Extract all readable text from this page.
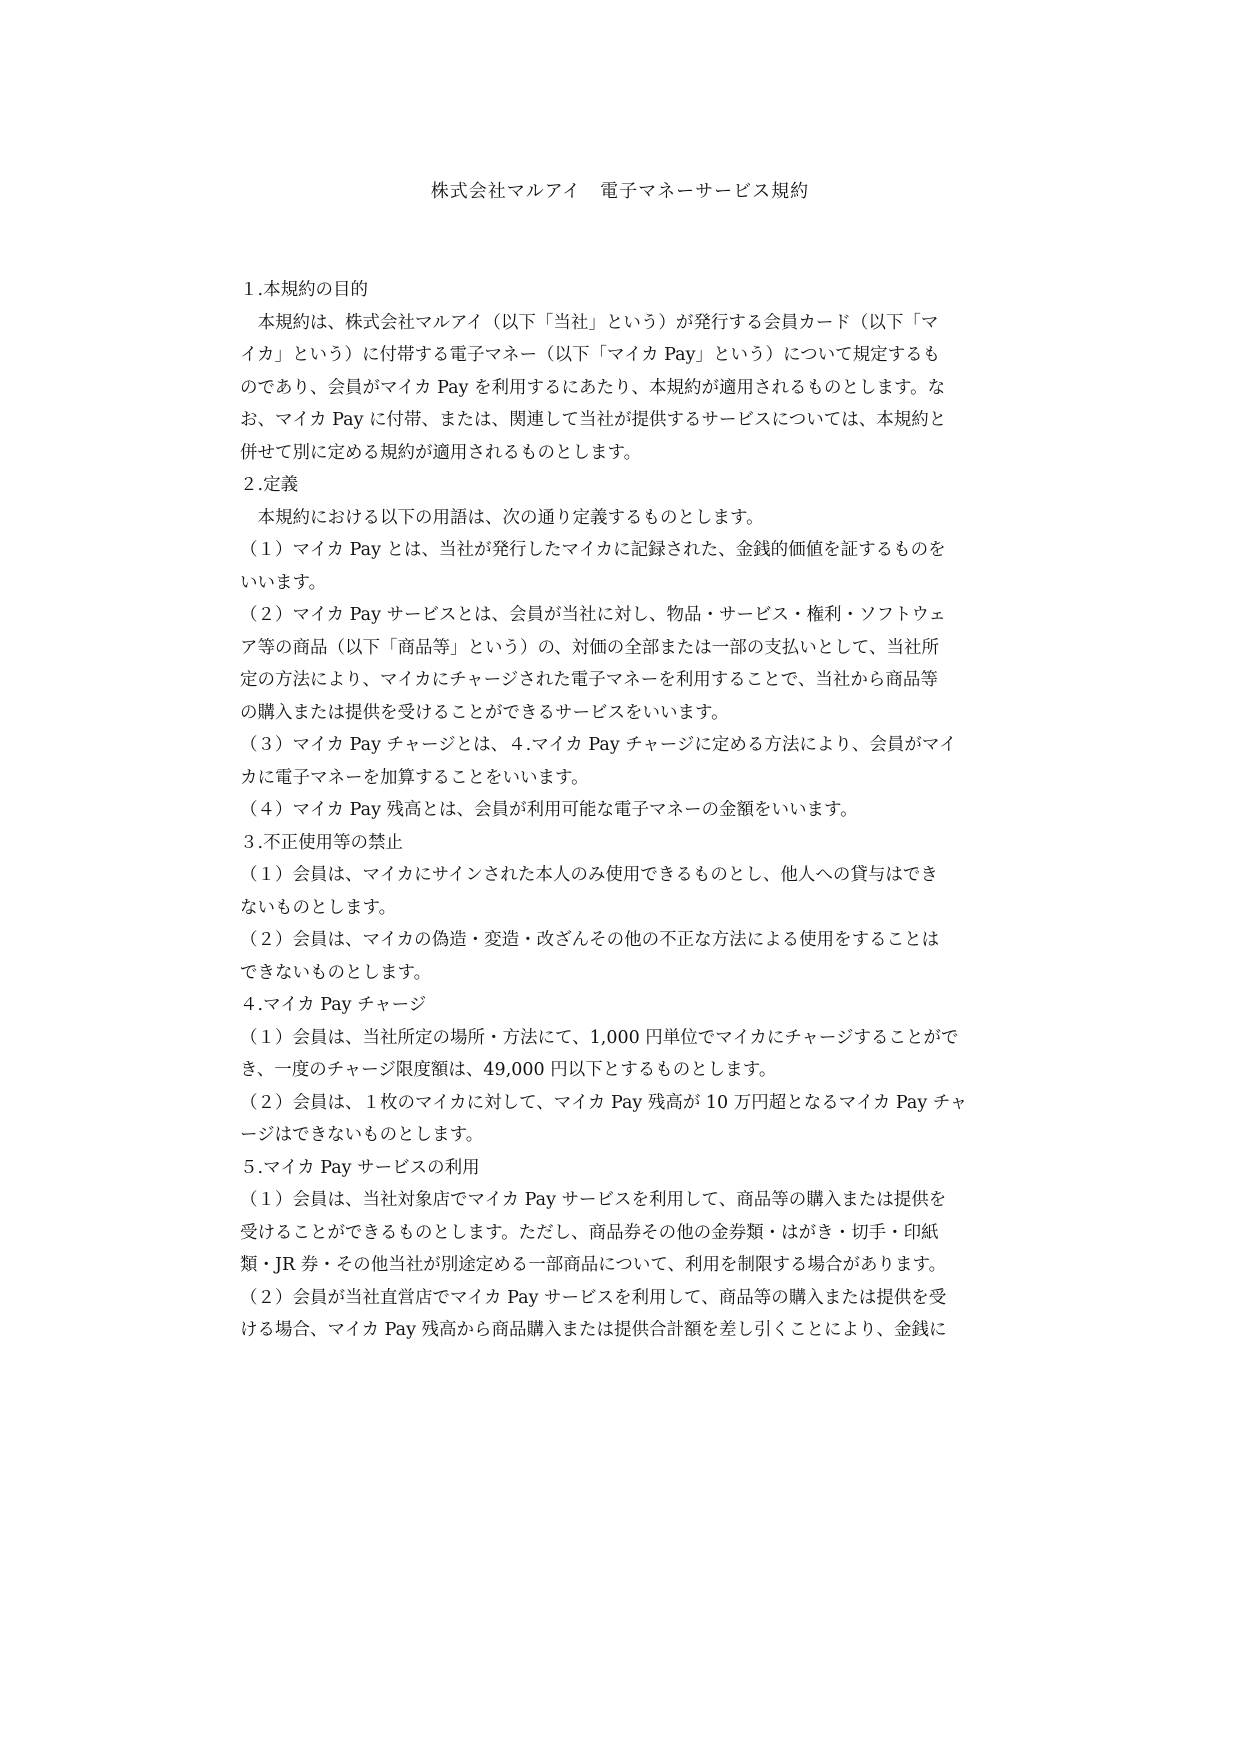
株式会社マルアイ　電子マネーサービス規約
１.本規約の目的
　本規約は、株式会社マルアイ（以下「当社」という）が発行する会員カード（以下「マ
イカ」という）に付帯する電子マネー（以下「マイカ Pay」という）について規定するも
のであり、会員がマイカ Pay を利用するにあたり、本規約が適用されるものとします。な
お、マイカ Pay に付帯、または、関連して当社が提供するサービスについては、本規約と
併せて別に定める規約が適用されるものとします。
２.定義
　本規約における以下の用語は、次の通り定義するものとします。
（１）マイカ Pay とは、当社が発行したマイカに記録された、金銭的価値を証するものを
いいます。
（２）マイカ Pay サービスとは、会員が当社に対し、物品・サービス・権利・ソフトウェ
ア等の商品（以下「商品等」という）の、対価の全部または一部の支払いとして、当社所
定の方法により、マイカにチャージされた電子マネーを利用することで、当社から商品等
の購入または提供を受けることができるサービスをいいます。
（３）マイカ Pay チャージとは、４.マイカ Pay チャージに定める方法により、会員がマイ
カに電子マネーを加算することをいいます。
（４）マイカ Pay 残高とは、会員が利用可能な電子マネーの金額をいいます。
３.不正使用等の禁止
（１）会員は、マイカにサインされた本人のみ使用できるものとし、他人への貸与はでき
ないものとします。
（２）会員は、マイカの偽造・変造・改ざんその他の不正な方法による使用をすることは
できないものとします。
４.マイカ Pay チャージ
（１）会員は、当社所定の場所・方法にて、1,000 円単位でマイカにチャージすることがで
き、一度のチャージ限度額は、49,000 円以下とするものとします。
（２）会員は、１枚のマイカに対して、マイカ Pay 残高が 10 万円超となるマイカ Pay チャ
ージはできないものとします。
５.マイカ Pay サービスの利用
（１）会員は、当社対象店でマイカ Pay サービスを利用して、商品等の購入または提供を
受けることができるものとします。ただし、商品券その他の金券類・はがき・切手・印紙
類・JR 券・その他当社が別途定める一部商品について、利用を制限する場合があります。
（２）会員が当社直営店でマイカ Pay サービスを利用して、商品等の購入または提供を受
ける場合、マイカ Pay 残高から商品購入または提供合計額を差し引くことにより、金銭に
